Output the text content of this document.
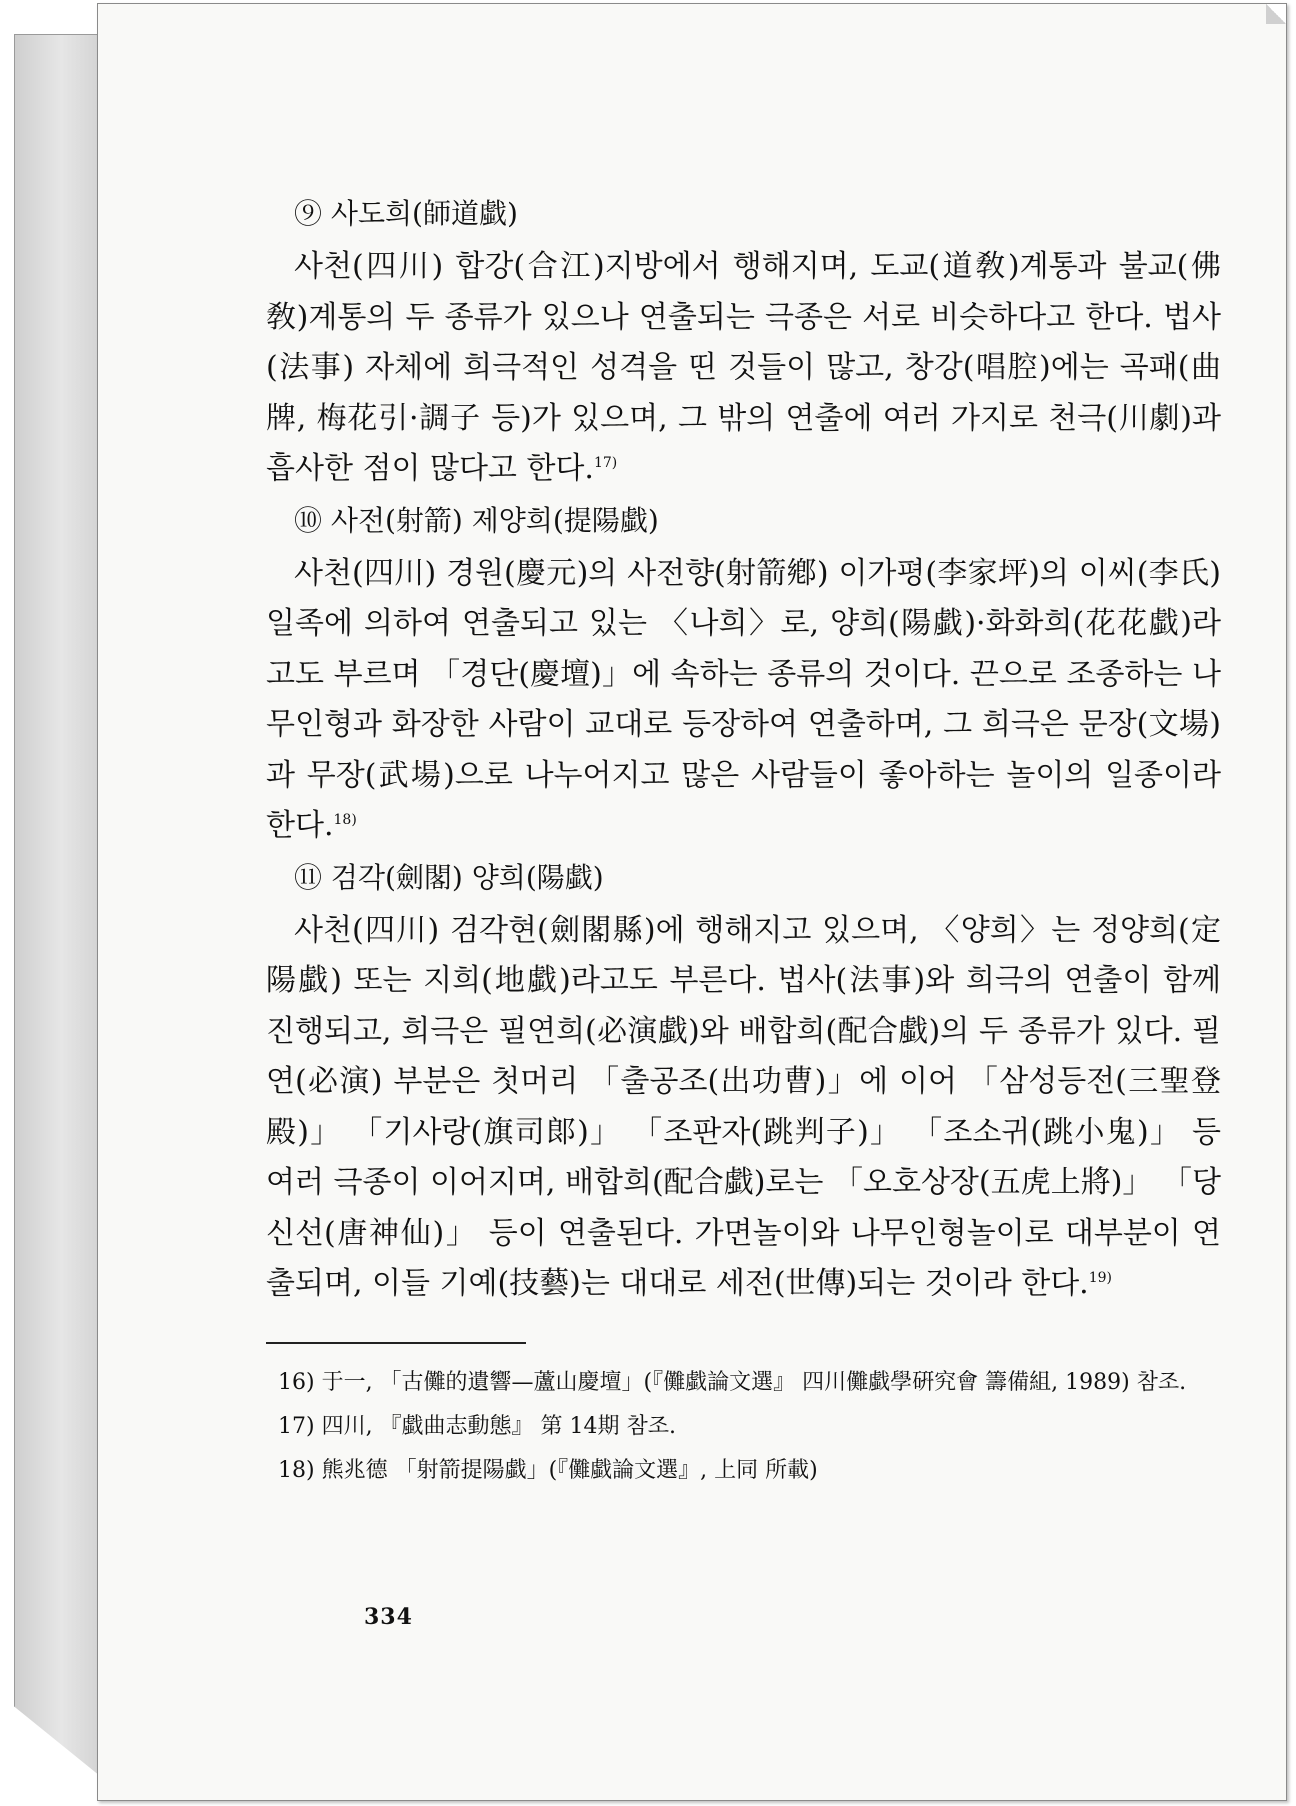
⑨ 사도희(師道戱)

사천(四川) 합강(合江)지방에서 행해지며, 도교(道敎)계통과 불교(佛敎)계통의 두 종류가 있으나 연출되는 극종은 서로 비슷하다고 한다. 법사(法事) 자체에 희극적인 성격을 띤 것들이 많고, 창강(唱腔)에는 곡패(曲牌, 梅花引·調子 등)가 있으며, 그 밖의 연출에 여러 가지로 천극(川劇)과 흡사한 점이 많다고 한다.$^{17)}$

⑩ 사전(射箭) 제양희(提陽戱)

사천(四川) 경원(慶元)의 사전향(射箭鄕) 이가평(李家坪)의 이씨(李氏) 일족에 의하여 연출되고 있는 〈나희〉로, 양희(陽戱)·화화희(花花戱)라고도 부르며 「경단(慶壇)」에 속하는 종류의 것이다. 끈으로 조종하는 나무인형과 화장한 사람이 교대로 등장하여 연출하며, 그 희극은 문장(文場)과 무장(武場)으로 나누어지고 많은 사람들이 좋아하는 놀이의 일종이라 한다.$^{18)}$

⑪ 검각(劍閣) 양희(陽戱)

사천(四川) 검각현(劍閣縣)에 행해지고 있으며, 〈양희〉는 정양희(定陽戱) 또는 지희(地戱)라고도 부른다. 법사(法事)와 희극의 연출이 함께 진행되고, 희극은 필연희(必演戱)와 배합희(配合戱)의 두 종류가 있다. 필연(必演) 부분은 첫머리 「출공조(出功曹)」에 이어 「삼성등전(三聖登殿)」 「기사랑(旗司郞)」 「조판자(跳判子)」 「조소귀(跳小鬼)」 등 여러 극종이 이어지며, 배합희(配合戱)로는 「오호상장(五虎上將)」 「당신선(唐神仙)」 등이 연출된다. 가면놀이와 나무인형놀이로 대부분이 연출되며, 이들 기예(技藝)는 대대로 세전(世傳)되는 것이라 한다.$^{19)}$

16) 于一, 「古儺的遺響—蘆山慶壇」(『儺戱論文選』 四川儺戱學硏究會 籌備組, 1989) 참조.

17) 四川, 『戱曲志動態』 第 14期 참조.

18) 熊兆德 「射箭提陽戱」(『儺戱論文選』, 上同 所載)

334
